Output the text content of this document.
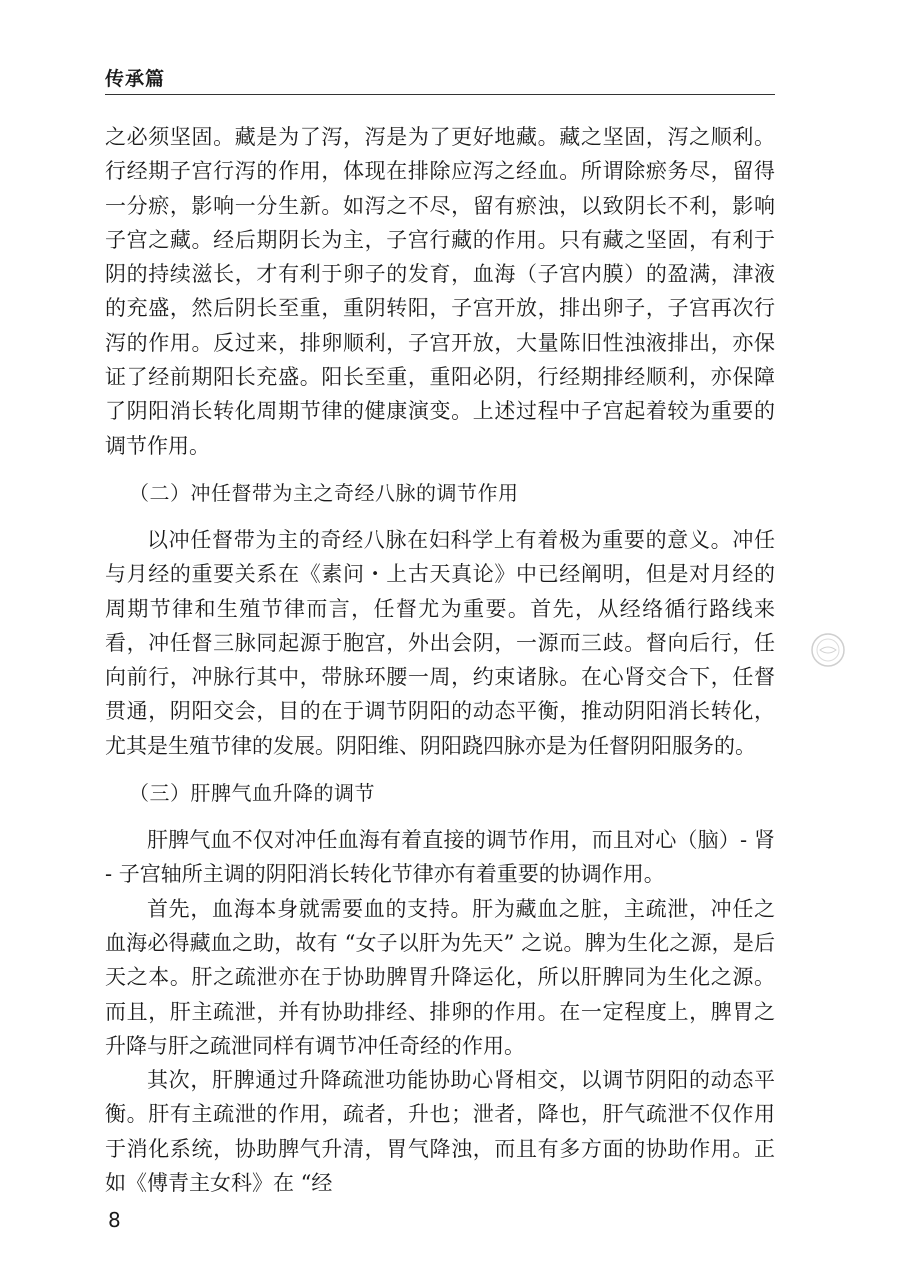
传承篇

之必须坚固。藏是为了泻，泻是为了更好地藏。藏之坚固，泻之顺利。行经期子宫行泻的作用，体现在排除应泻之经血。所谓除瘀务尽，留得一分瘀，影响一分生新。如泻之不尽，留有瘀浊，以致阴长不利，影响子宫之藏。经后期阴长为主，子宫行藏的作用。只有藏之坚固，有利于阴的持续滋长，才有利于卵子的发育，血海（子宫内膜）的盈满，津液的充盛，然后阴长至重，重阴转阳，子宫开放，排出卵子，子宫再次行泻的作用。反过来，排卵顺利，子宫开放，大量陈旧性浊液排出，亦保证了经前期阳长充盛。阳长至重，重阳必阴，行经期排经顺利，亦保障了阴阳消长转化周期节律的健康演变。上述过程中子宫起着较为重要的调节作用。

（二）冲任督带为主之奇经八脉的调节作用

以冲任督带为主的奇经八脉在妇科学上有着极为重要的意义。冲任与月经的重要关系在《素问・上古天真论》中已经阐明，但是对月经的周期节律和生殖节律而言，任督尤为重要。首先，从经络循行路线来看，冲任督三脉同起源于胞宫，外出会阴，一源而三歧。督向后行，任向前行，冲脉行其中，带脉环腰一周，约束诸脉。在心肾交合下，任督贯通，阴阳交会，目的在于调节阴阳的动态平衡，推动阴阳消长转化，尤其是生殖节律的发展。阴阳维、阴阳跷四脉亦是为任督阴阳服务的。

（三）肝脾气血升降的调节

肝脾气血不仅对冲任血海有着直接的调节作用，而且对心（脑）- 肾 - 子宫轴所主调的阴阳消长转化节律亦有着重要的协调作用。

首先，血海本身就需要血的支持。肝为藏血之脏，主疏泄，冲任之血海必得藏血之助，故有 “女子以肝为先天” 之说。脾为生化之源，是后天之本。肝之疏泄亦在于协助脾胃升降运化，所以肝脾同为生化之源。而且，肝主疏泄，并有协助排经、排卵的作用。在一定程度上，脾胃之升降与肝之疏泄同样有调节冲任奇经的作用。

其次，肝脾通过升降疏泄功能协助心肾相交，以调节阴阳的动态平衡。肝有主疏泄的作用，疏者，升也；泄者，降也，肝气疏泄不仅作用于消化系统，协助脾气升清，胃气降浊，而且有多方面的协助作用。正如《傅青主女科》在 “经

8
